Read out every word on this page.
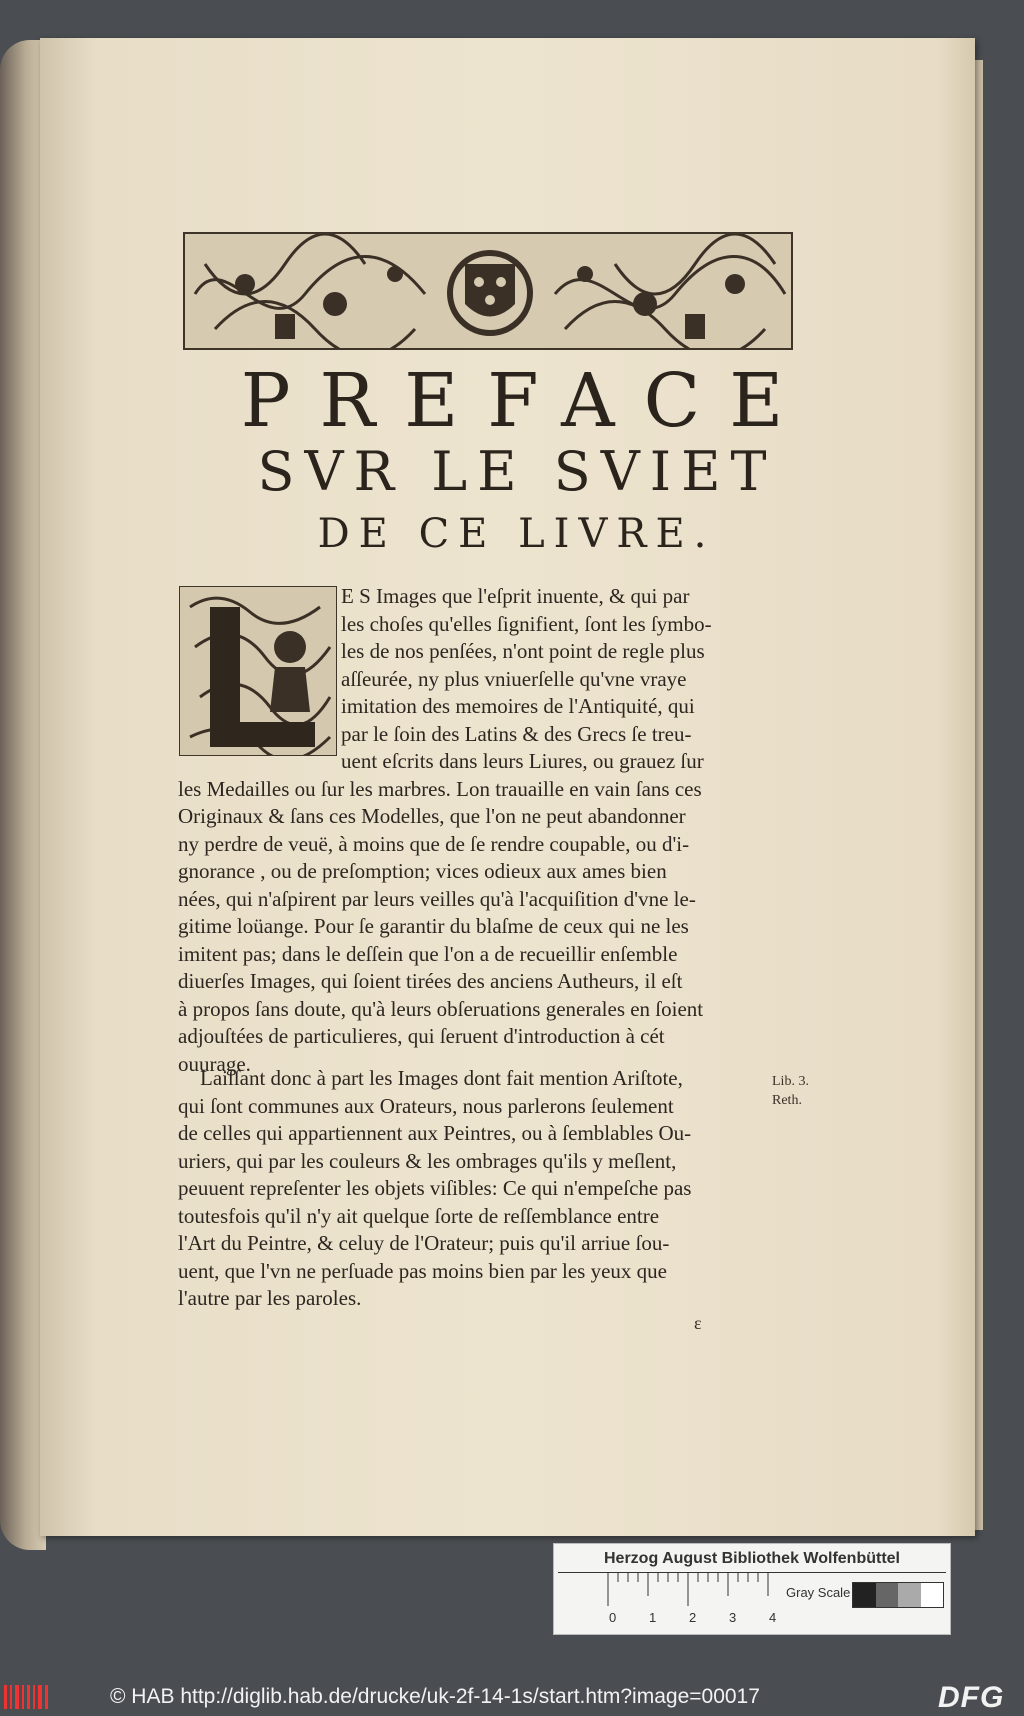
PREFACE
SVR LE SVIET
DE CE LIVRE.
E S Images que l'eſprit inuente, & qui par
les choſes qu'elles ſignifient, ſont les ſymbo-
les de nos penſées, n'ont point de regle plus
aſſeurée, ny plus vniuerſelle qu'vne vraye
imitation des memoires de l'Antiquité, qui
par le ſoin des Latins & des Grecs ſe treu-
uent eſcrits dans leurs Liures, ou grauez ſur
les Medailles ou ſur les marbres. Lon trauaille en vain ſans ces
Originaux & ſans ces Modelles, que l'on ne peut abandonner
ny perdre de veuë, à moins que de ſe rendre coupable, ou d'i-
gnorance , ou de preſomption; vices odieux aux ames bien
nées, qui n'aſpirent par leurs veilles qu'à l'acquiſition d'vne le-
gitime loüange. Pour ſe garantir du blaſme de ceux qui ne les
imitent pas; dans le deſſein que l'on a de recueillir enſemble
diuerſes Images, qui ſoient tirées des anciens Autheurs, il eſt
à propos ſans doute, qu'à leurs obſeruations generales en ſoient
adjouſtées de particulieres, qui ſeruent d'introduction à cét
ouurage.
Laiſſant donc à part les Images dont fait mention Ariſtote,
qui ſont communes aux Orateurs, nous parlerons ſeulement
de celles qui appartiennent aux Peintres, ou à ſemblables Ou-
uriers, qui par les couleurs & les ombrages qu'ils y meſlent,
peuuent repreſenter les objets viſibles: Ce qui n'empeſche pas
toutesfois qu'il n'y ait quelque ſorte de reſſemblance entre
l'Art du Peintre, & celuy de l'Orateur; puis qu'il arriue ſou-
uent, que l'vn ne perſuade pas moins bien par les yeux que
l'autre par les paroles.
Lib. 3.
Reth.
ε
Herzog August Bibliothek Wolfenbüttel
0	1	2	3	4
Gray Scale
© HAB http://diglib.hab.de/drucke/uk-2f-14-1s/start.htm?image=00017	DFG
